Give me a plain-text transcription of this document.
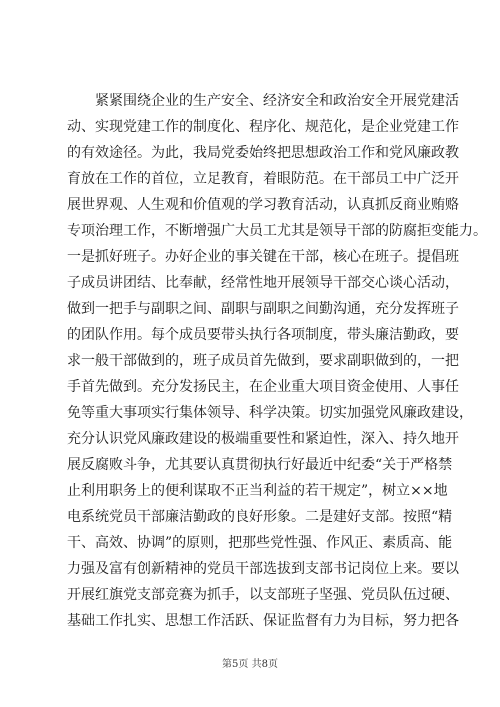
紧紧围绕企业的生产安全、经济安全和政治安全开展党建活
动、实现党建工作的制度化、程序化、规范化，是企业党建工作
的有效途径。为此，我局党委始终把思想政治工作和党风廉政教
育放在工作的首位，立足教育，着眼防范。在干部员工中广泛开
展世界观、人生观和价值观的学习教育活动，认真抓反商业贿赂
专项治理工作，不断增强广大员工尤其是领导干部的防腐拒变能力。
一是抓好班子。办好企业的事关键在干部，核心在班子。提倡班
子成员讲团结、比奉献，经常性地开展领导干部交心谈心活动，
做到一把手与副职之间、副职与副职之间勤沟通，充分发挥班子
的团队作用。每个成员要带头执行各项制度，带头廉洁勤政，要
求一般干部做到的，班子成员首先做到，要求副职做到的，一把
手首先做到。充分发扬民主，在企业重大项目资金使用、人事任
免等重大事项实行集体领导、科学决策。切实加强党风廉政建设，
充分认识党风廉政建设的极端重要性和紧迫性，深入、持久地开
展反腐败斗争，尤其要认真贯彻执行好最近中纪委“关于严格禁
止利用职务上的便利谋取不正当利益的若干规定”，树立××地
电系统党员干部廉洁勤政的良好形象。二是建好支部。按照“精
干、高效、协调”的原则，把那些党性强、作风正、素质高、能
力强及富有创新精神的党员干部选拔到支部书记岗位上来。要以
开展红旗党支部竞赛为抓手，以支部班子坚强、党员队伍过硬、
基础工作扎实、思想工作活跃、保证监督有力为目标，努力把各
第5页 共8页
